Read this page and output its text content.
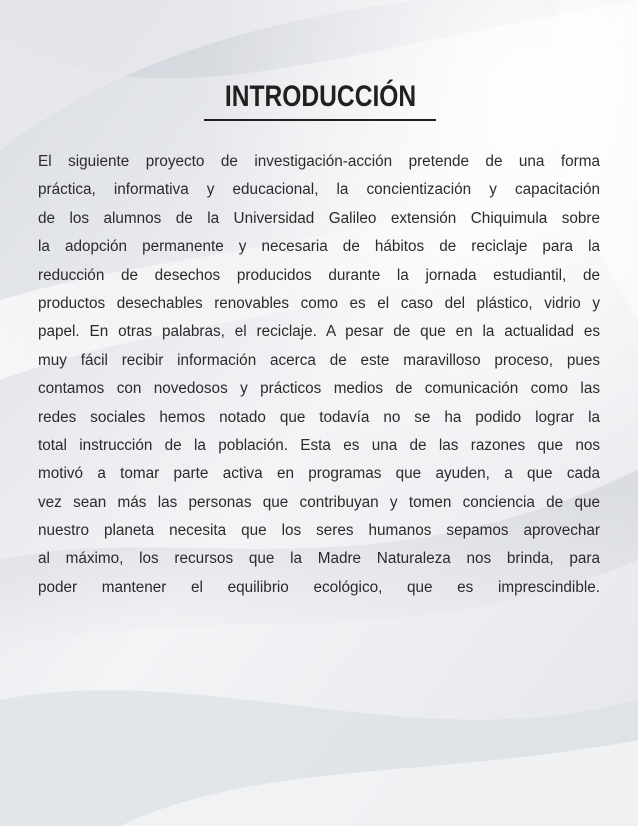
INTRODUCCIÓN
El siguiente proyecto de investigación-acción pretende de una forma
práctica, informativa y educacional, la concientización y capacitación
de los alumnos de la Universidad Galileo extensión Chiquimula sobre
la adopción permanente y necesaria de hábitos de reciclaje para la
reducción de desechos producidos durante la jornada estudiantil, de
productos desechables renovables como es el caso del plástico, vidrio y
papel. En otras palabras, el reciclaje. A pesar de que en la actualidad es
muy fácil recibir información acerca de este maravilloso proceso, pues
contamos con novedosos y prácticos medios de comunicación como las
redes sociales hemos notado que todavía no se ha podido lograr la
total instrucción de la población. Esta es una de las razones que nos
motivó a tomar parte activa en programas que ayuden, a que cada
vez sean más las personas que contribuyan y tomen conciencia de que
nuestro planeta necesita que los seres humanos sepamos aprovechar
al máximo, los recursos que la Madre Naturaleza nos brinda, para
poder mantener el equilibrio ecológico, que es imprescindible.
